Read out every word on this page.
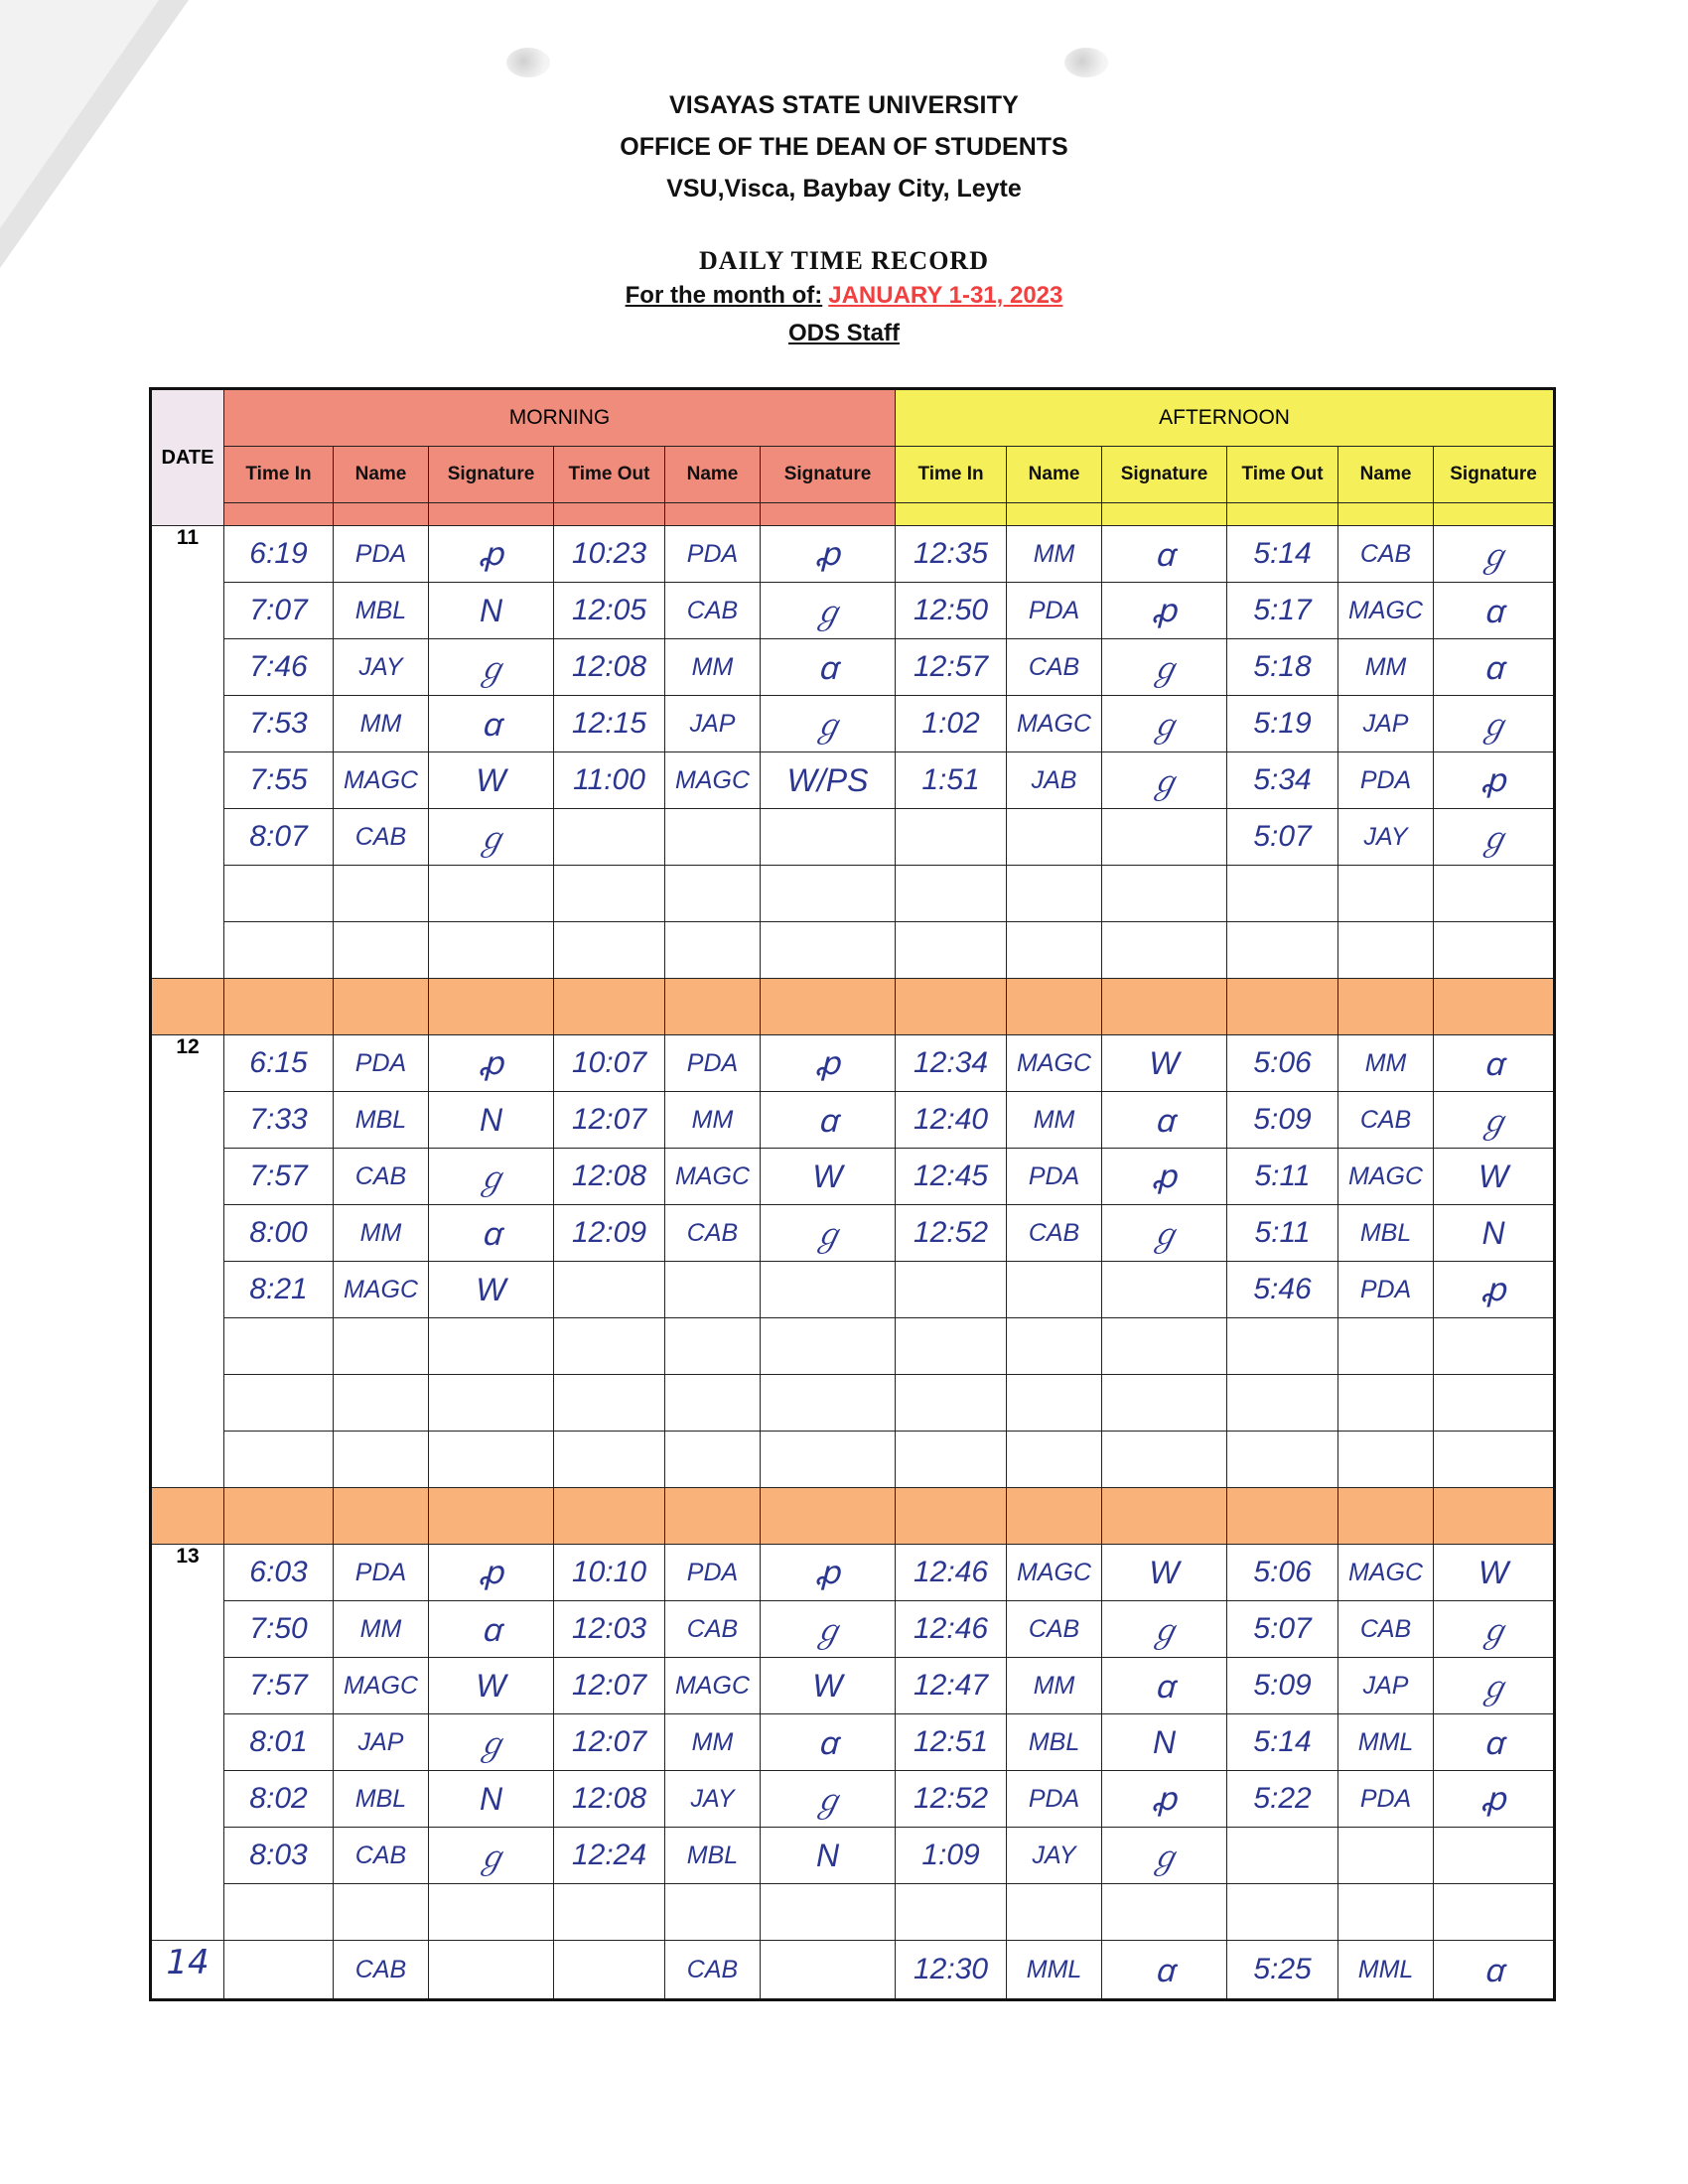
VISAYAS STATE UNIVERSITY
OFFICE OF THE DEAN OF STUDENTS
VSU,Visca, Baybay City, Leyte
DAILY TIME RECORD
For the month of: JANUARY 1-31, 2023
ODS Staff
DATE	MORNING						AFTERNOON					
	Time In	Name	Signature	Time Out	Name	Signature	Time In	Name	Signature	Time Out	Name	Signature

11	6:19	PDA	ꝓ	10:23	PDA	ꝓ	12:35	MM	ꭤ	5:14	CAB	ℊ
	7:07	MBL	N	12:05	CAB	ℊ	12:50	PDA	ꝓ	5:17	MAGC	ꭤ
	7:46	JAY	ℊ	12:08	MM	ꭤ	12:57	CAB	ℊ	5:18	MM	ꭤ
	7:53	MM	ꭤ	12:15	JAP	ℊ	1:02	MAGC	ℊ	5:19	JAP	ℊ
	7:55	MAGC	W	11:00	MAGC	W/PS	1:51	JAB	ℊ	5:34	PDA	ꝓ
	8:07	CAB	ℊ							5:07	JAY	ℊ

12	6:15	PDA	ꝓ	10:07	PDA	ꝓ	12:34	MAGC	W	5:06	MM	ꭤ
	7:33	MBL	N	12:07	MM	ꭤ	12:40	MM	ꭤ	5:09	CAB	ℊ
	7:57	CAB	ℊ	12:08	MAGC	W	12:45	PDA	ꝓ	5:11	MAGC	W
	8:00	MM	ꭤ	12:09	CAB	ℊ	12:52	CAB	ℊ	5:11	MBL	N
	8:21	MAGC	W							5:46	PDA	ꝓ

13	6:03	PDA	ꝓ	10:10	PDA	ꝓ	12:46	MAGC	W	5:06	MAGC	W
	7:50	MM	ꭤ	12:03	CAB	ℊ	12:46	CAB	ℊ	5:07	CAB	ℊ
	7:57	MAGC	W	12:07	MAGC	W	12:47	MM	ꭤ	5:09	JAP	ℊ
	8:01	JAP	ℊ	12:07	MM	ꭤ	12:51	MBL	N	5:14	MML	ꭤ
	8:02	MBL	N	12:08	JAY	ℊ	12:52	PDA	ꝓ	5:22	PDA	ꝓ
	8:03	CAB	ℊ	12:24	MBL	N	1:09	JAY	ℊ			

14		CAB			CAB		12:30	MML	ꭤ	5:25	MML	ꭤ
